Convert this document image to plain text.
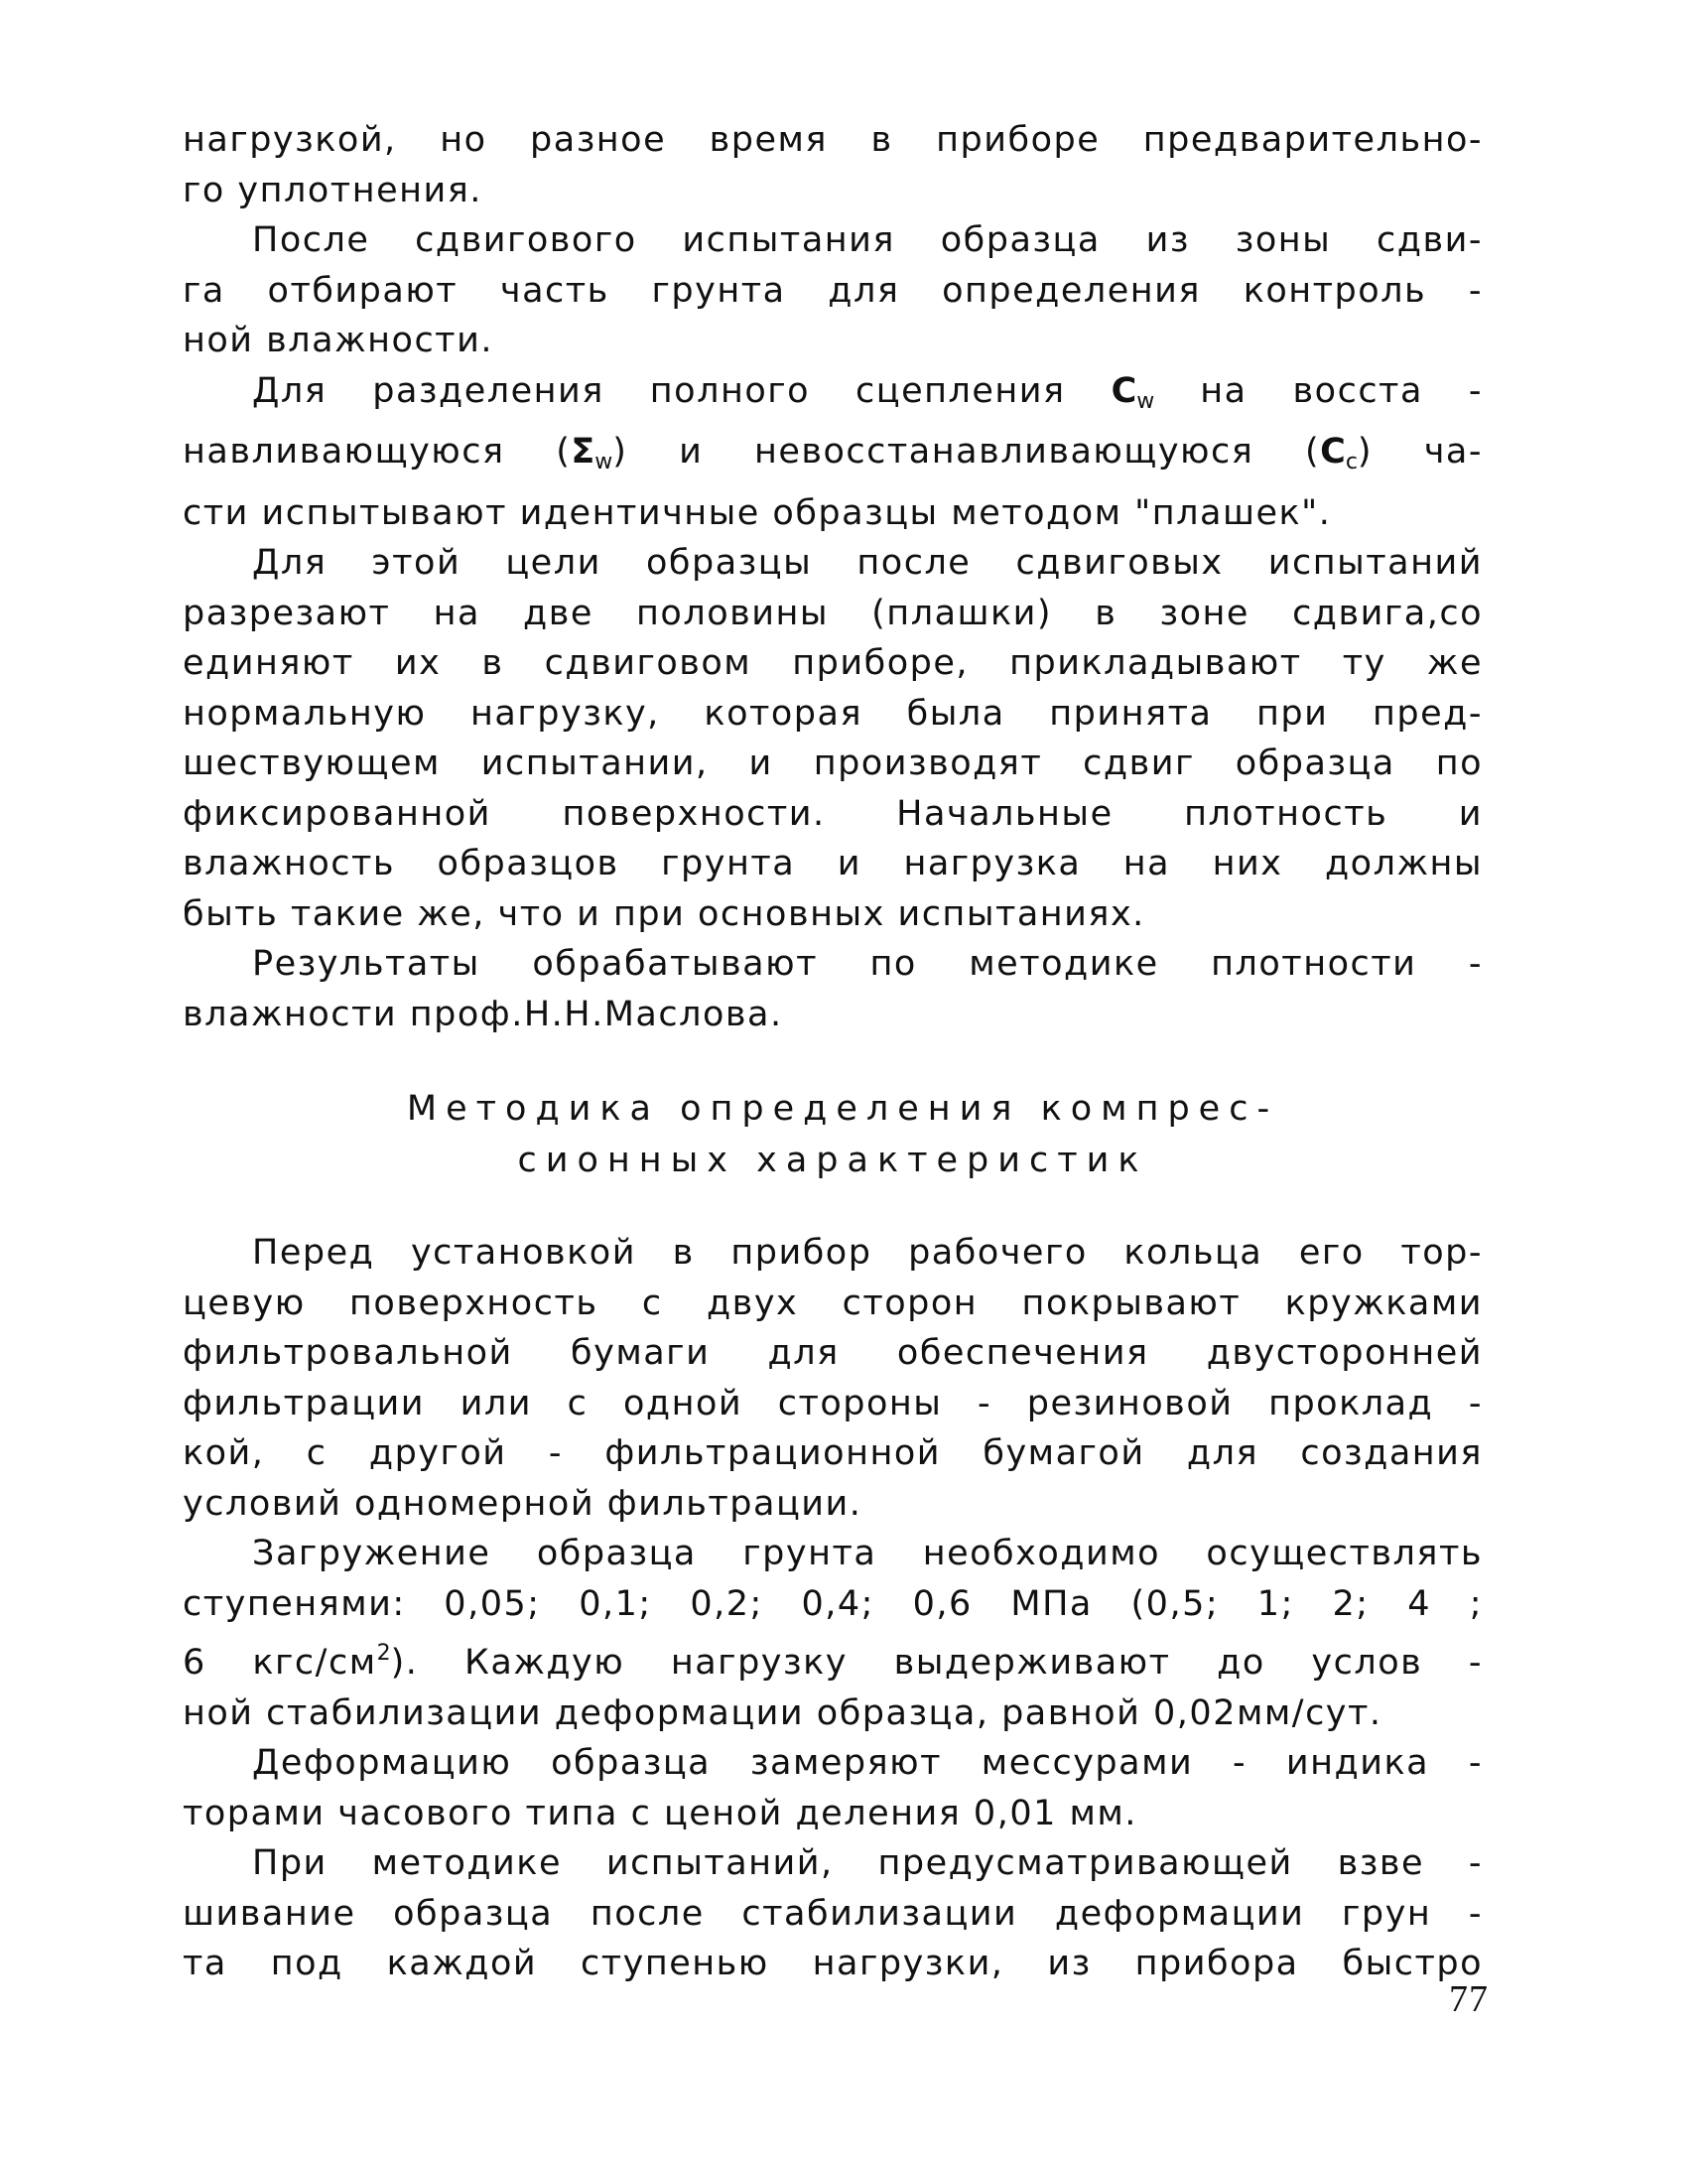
нагрузкой, но разное время в приборе предварительно-
го уплотнения.
После сдвигового испытания образца из зоны сдви-
га отбирают часть грунта для определения контроль -
ной влажности.
Для разделения полного сцепления $C_w$ на восста -
навливающуюся $(\Sigma_w)$ и невосстанавливающуюся $(C_c)$ ча-
сти испытывают идентичные образцы методом "плашек".
Для этой цели образцы после сдвиговых испытаний
разрезают на две половины (плашки) в зоне сдвига,со
единяют их в сдвиговом приборе, прикладывают ту же
нормальную нагрузку, которая была принята при пред-
шествующем испытании, и производят сдвиг образца по
фиксированной поверхности. Начальные плотность и
влажность образцов грунта и нагрузка на них должны
быть такие же, что и при основных испытаниях.
Результаты обрабатывают по методике плотности -
влажности проф.Н.Н.Маслова.
Методика определения компрес-
сионных характеристик
Перед установкой в прибор рабочего кольца его тор-
цевую поверхность с двух сторон покрывают кружками
фильтровальной бумаги для обеспечения двусторонней
фильтрации или с одной стороны - резиновой проклад -
кой, с другой - фильтрационной бумагой для создания
условий одномерной фильтрации.
Загружение образца грунта необходимо осуществлять
ступенями: 0,05; 0,1; 0,2; 0,4; 0,6 МПа (0,5; 1; 2; 4 ;
6 кгс/$см^2$). Каждую нагрузку выдерживают до услов -
ной стабилизации деформации образца, равной 0,02мм/сут.
Деформацию образца замеряют мессурами - индика -
торами часового типа с ценой деления 0,01 мм.
При методике испытаний, предусматривающей взве -
шивание образца после стабилизации деформации грун -
та под каждой ступенью нагрузки, из прибора быстро
77
